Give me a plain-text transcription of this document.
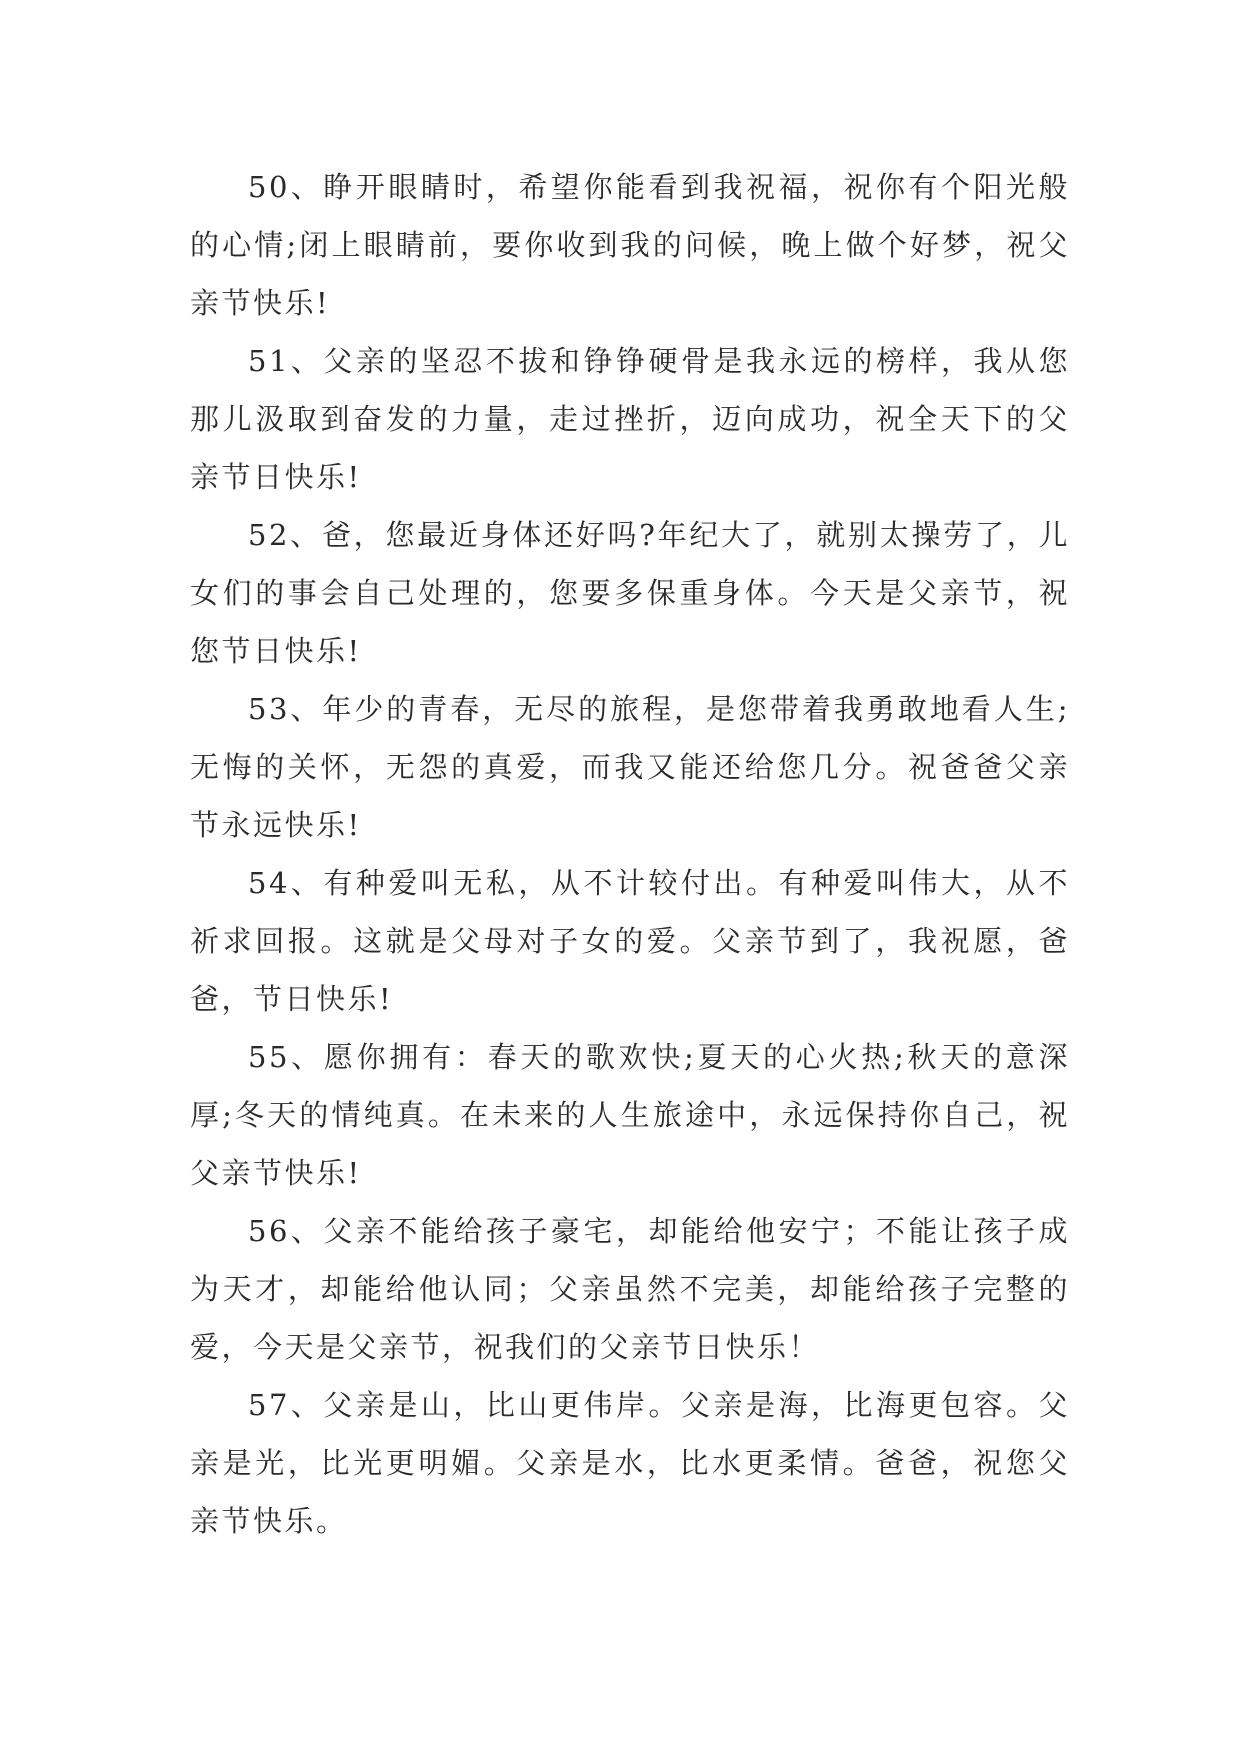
50、睁开眼睛时，希望你能看到我祝福，祝你有个阳光般的心情;闭上眼睛前，要你收到我的问候，晚上做个好梦，祝父亲节快乐!

51、父亲的坚忍不拔和铮铮硬骨是我永远的榜样，我从您那儿汲取到奋发的力量，走过挫折，迈向成功，祝全天下的父亲节日快乐!

52、爸，您最近身体还好吗?年纪大了，就别太操劳了，儿女们的事会自己处理的，您要多保重身体。今天是父亲节，祝您节日快乐!

53、年少的青春，无尽的旅程，是您带着我勇敢地看人生;无悔的关怀，无怨的真爱，而我又能还给您几分。祝爸爸父亲节永远快乐!

54、有种爱叫无私，从不计较付出。有种爱叫伟大，从不祈求回报。这就是父母对子女的爱。父亲节到了，我祝愿，爸爸，节日快乐!

55、愿你拥有：春天的歌欢快;夏天的心火热;秋天的意深厚;冬天的情纯真。在未来的人生旅途中，永远保持你自己，祝父亲节快乐!

56、父亲不能给孩子豪宅，却能给他安宁；不能让孩子成为天才，却能给他认同；父亲虽然不完美，却能给孩子完整的爱，今天是父亲节，祝我们的父亲节日快乐！

57、父亲是山，比山更伟岸。父亲是海，比海更包容。父亲是光，比光更明媚。父亲是水，比水更柔情。爸爸，祝您父亲节快乐。
